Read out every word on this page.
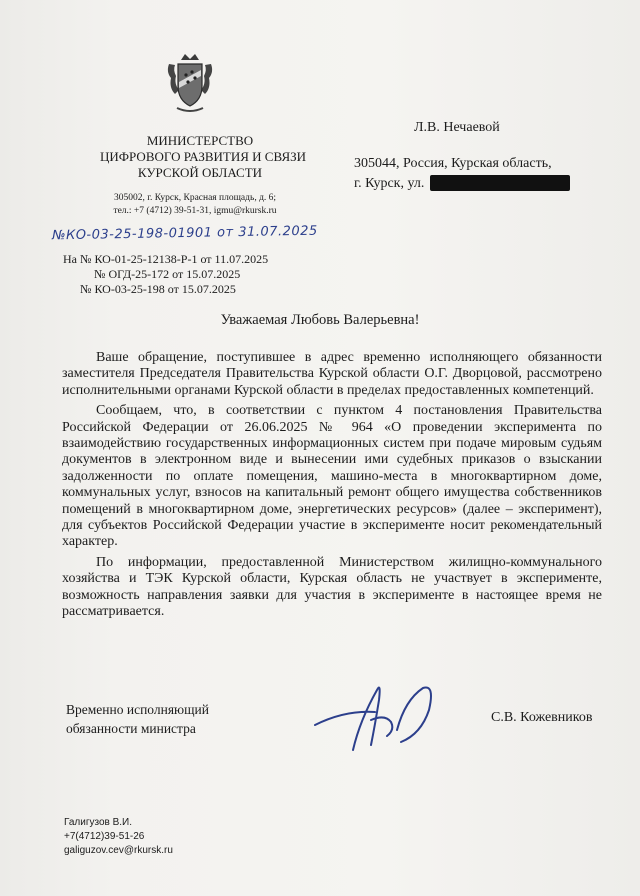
МИНИСТЕРСТВО
ЦИФРОВОГО РАЗВИТИЯ И СВЯЗИ
КУРСКОЙ ОБЛАСТИ
305002, г. Курск, Красная площадь, д. 6;
тел.: +7 (4712) 39-51-31, igmu@rkursk.ru
№КО-03-25-198-01901 от 31.07.2025
На № КО-01-25-12138-Р-1 от 11.07.2025
№ ОГД-25-172 от 15.07.2025
№ КО-03-25-198 от 15.07.2025
Л.В. Нечаевой
305044, Россия, Курская область,
г. Курск, ул.
Уважаемая Любовь Валерьевна!

Ваше обращение, поступившее в адрес временно исполняющего обязанности заместителя Председателя Правительства Курской области О.Г. Дворцовой, рассмотрено исполнительными органами Курской области в пределах предоставленных компетенций.

Сообщаем, что, в соответствии с пунктом 4 постановления Правительства Российской Федерации от 26.06.2025 № 964 «О проведении эксперимента по взаимодействию государственных информационных систем при подаче мировым судьям документов в электронном виде и вынесении ими судебных приказов о взыскании задолженности по оплате помещения, машино-места в многоквартирном доме, коммунальных услуг, взносов на капитальный ремонт общего имущества собственников помещений в многоквартирном доме, энергетических ресурсов» (далее – эксперимент), для субъектов Российской Федерации участие в эксперименте носит рекомендательный характер.

По информации, предоставленной Министерством жилищно-коммунального хозяйства и ТЭК Курской области, Курская область не участвует в эксперименте, возможность направления заявки для участия в эксперименте в настоящее время не рассматривается.

Временно исполняющий
обязанности министра
С.В. Кожевников
Галигузов В.И.
+7(4712)39-51-26
galiguzov.cev@rkursk.ru
